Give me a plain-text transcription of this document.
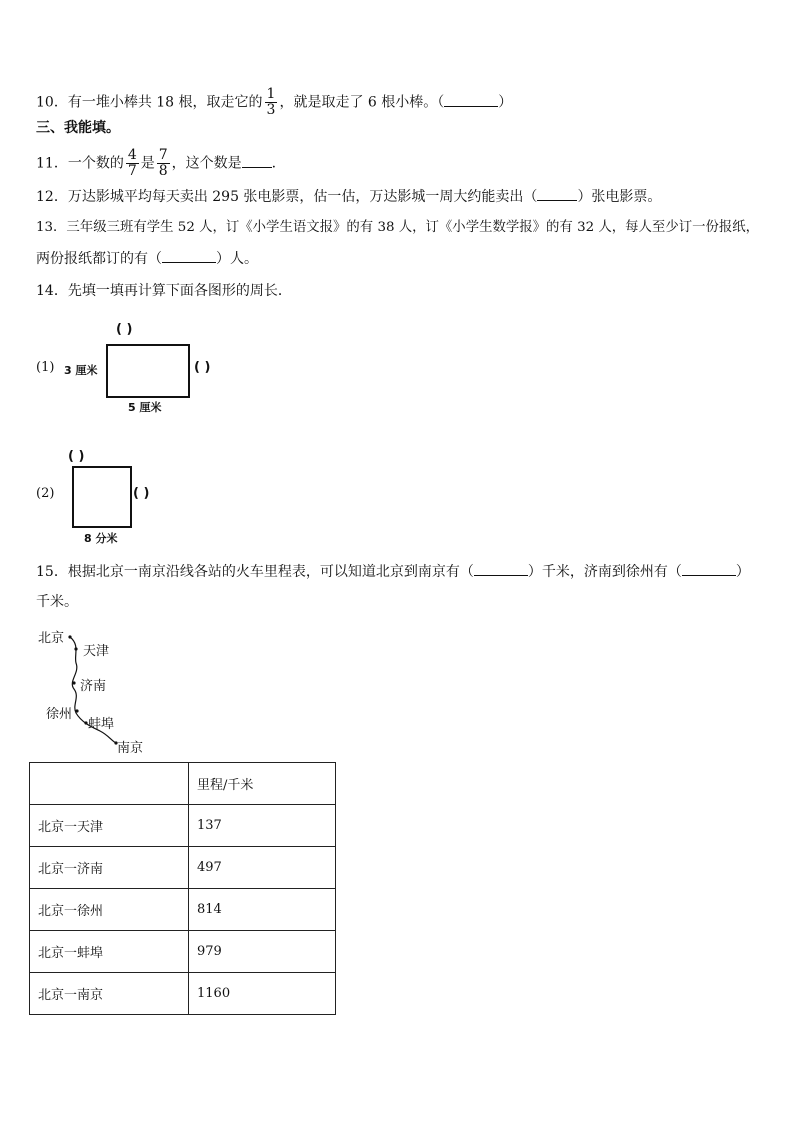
10．有一堆小棒共 18 根，取走它的 $\frac{1}{3}$ ，就是取走了 6 根小棒。（	）
三、我能填。
11．一个数的 $\frac{4}{7}$ 是 $\frac{7}{8}$ ，这个数是 .
12．万达影城平均每天卖出 295 张电影票，估一估，万达影城一周大约能卖出（	）张电影票。
13．三年级三班有学生 52 人，订《小学生语文报》的有 38 人，订《小学生数学报》的有 32 人，每人至少订一份报纸，
两份报纸都订的有（	）人。
14．先填一填再计算下面各图形的周长．
(1)
( )
3 厘米	( )
5 厘米
(2)
( )
( )
8 分米
15．根据北京一南京沿线各站的火车里程表，可以知道北京到南京有（	）千米，济南到徐州有（	）
千米。
北京
天津
济南
徐州
蚌埠
南京
	里程/千米
北京一天津	137
北京一济南	497
北京一徐州	814
北京一蚌埠	979
北京一南京	1160
